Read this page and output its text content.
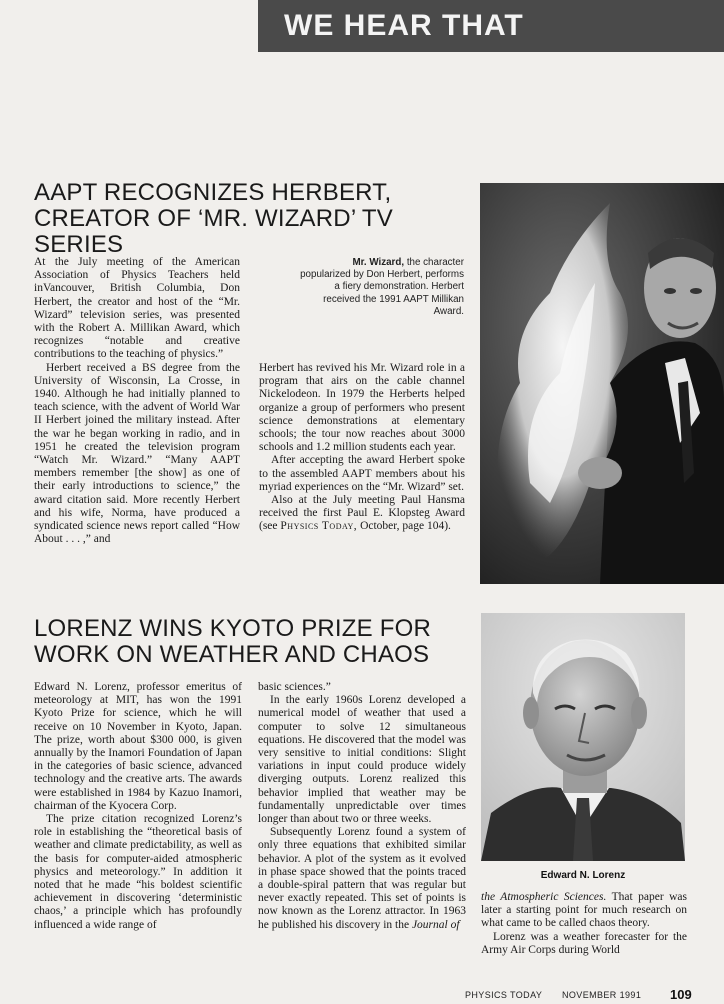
WE HEAR THAT
AAPT RECOGNIZES HERBERT,
CREATOR OF ‘MR. WIZARD’ TV SERIES

At the July meeting of the American Association of Physics Teachers held inVancouver, British Columbia, Don Herbert, the creator and host of the “Mr. Wizard” television series, was presented with the Robert A. Millikan Award, which recognizes “notable and creative contributions to the teaching of physics.”

Herbert received a BS degree from the University of Wisconsin, La Crosse, in 1940. Although he had initially planned to teach science, with the advent of World War II Herbert joined the military instead. After the war he began working in radio, and in 1951 he created the television program “Watch Mr. Wizard.” “Many AAPT members remember [the show] as one of their early introductions to science,” the award citation said. More recently Herbert and his wife, Norma, have produced a syndicated science news report called “How About . . . ,” and

Mr. Wizard, the character popularized by Don Herbert, performs a fiery demonstration. Herbert received the 1991 AAPT Millikan Award.

Herbert has revived his Mr. Wizard role in a program that airs on the cable channel Nickelodeon. In 1979 the Herberts helped organize a group of performers who present science demonstrations at elementary schools; the tour now reaches about 3000 schools and 1.2 million students each year.

After accepting the award Herbert spoke to the assembled AAPT members about his myriad experiences on the “Mr. Wizard” set.

Also at the July meeting Paul Hansma received the first Paul E. Klopsteg Award (see Physics Today, October, page 104).

LORENZ WINS KYOTO PRIZE FOR
WORK ON WEATHER AND CHAOS

Edward N. Lorenz, professor emeritus of meteorology at MIT, has won the 1991 Kyoto Prize for science, which he will receive on 10 November in Kyoto, Japan. The prize, worth about $300 000, is given annually by the Inamori Foundation of Japan in the categories of basic science, advanced technology and the creative arts. The awards were established in 1984 by Kazuo Inamori, chairman of the Kyocera Corp.

The prize citation recognized Lorenz’s role in establishing the “theoretical basis of weather and climate predictability, as well as the basis for computer-aided atmospheric physics and meteorology.” In addition it noted that he made “his boldest scientific achievement in discovering ‘deterministic chaos,’ a principle which has profoundly influenced a wide range of

basic sciences.”

In the early 1960s Lorenz developed a numerical model of weather that used a computer to solve 12 simultaneous equations. He discovered that the model was very sensitive to initial conditions: Slight variations in input could produce widely diverging outputs. Lorenz realized this behavior implied that weather may be fundamentally unpredictable over times longer than about two or three weeks.

Subsequently Lorenz found a system of only three equations that exhibited similar behavior. A plot of the system as it evolved in phase space showed that the points traced a double-spiral pattern that was regular but never exactly repeated. This set of points is now known as the Lorenz attractor. In 1963 he published his discovery in the Journal of

Edward N. Lorenz

the Atmospheric Sciences. That paper was later a starting point for much research on what came to be called chaos theory.

Lorenz was a weather forecaster for the Army Air Corps during World

PHYSICS TODAY NOVEMBER 1991 109
